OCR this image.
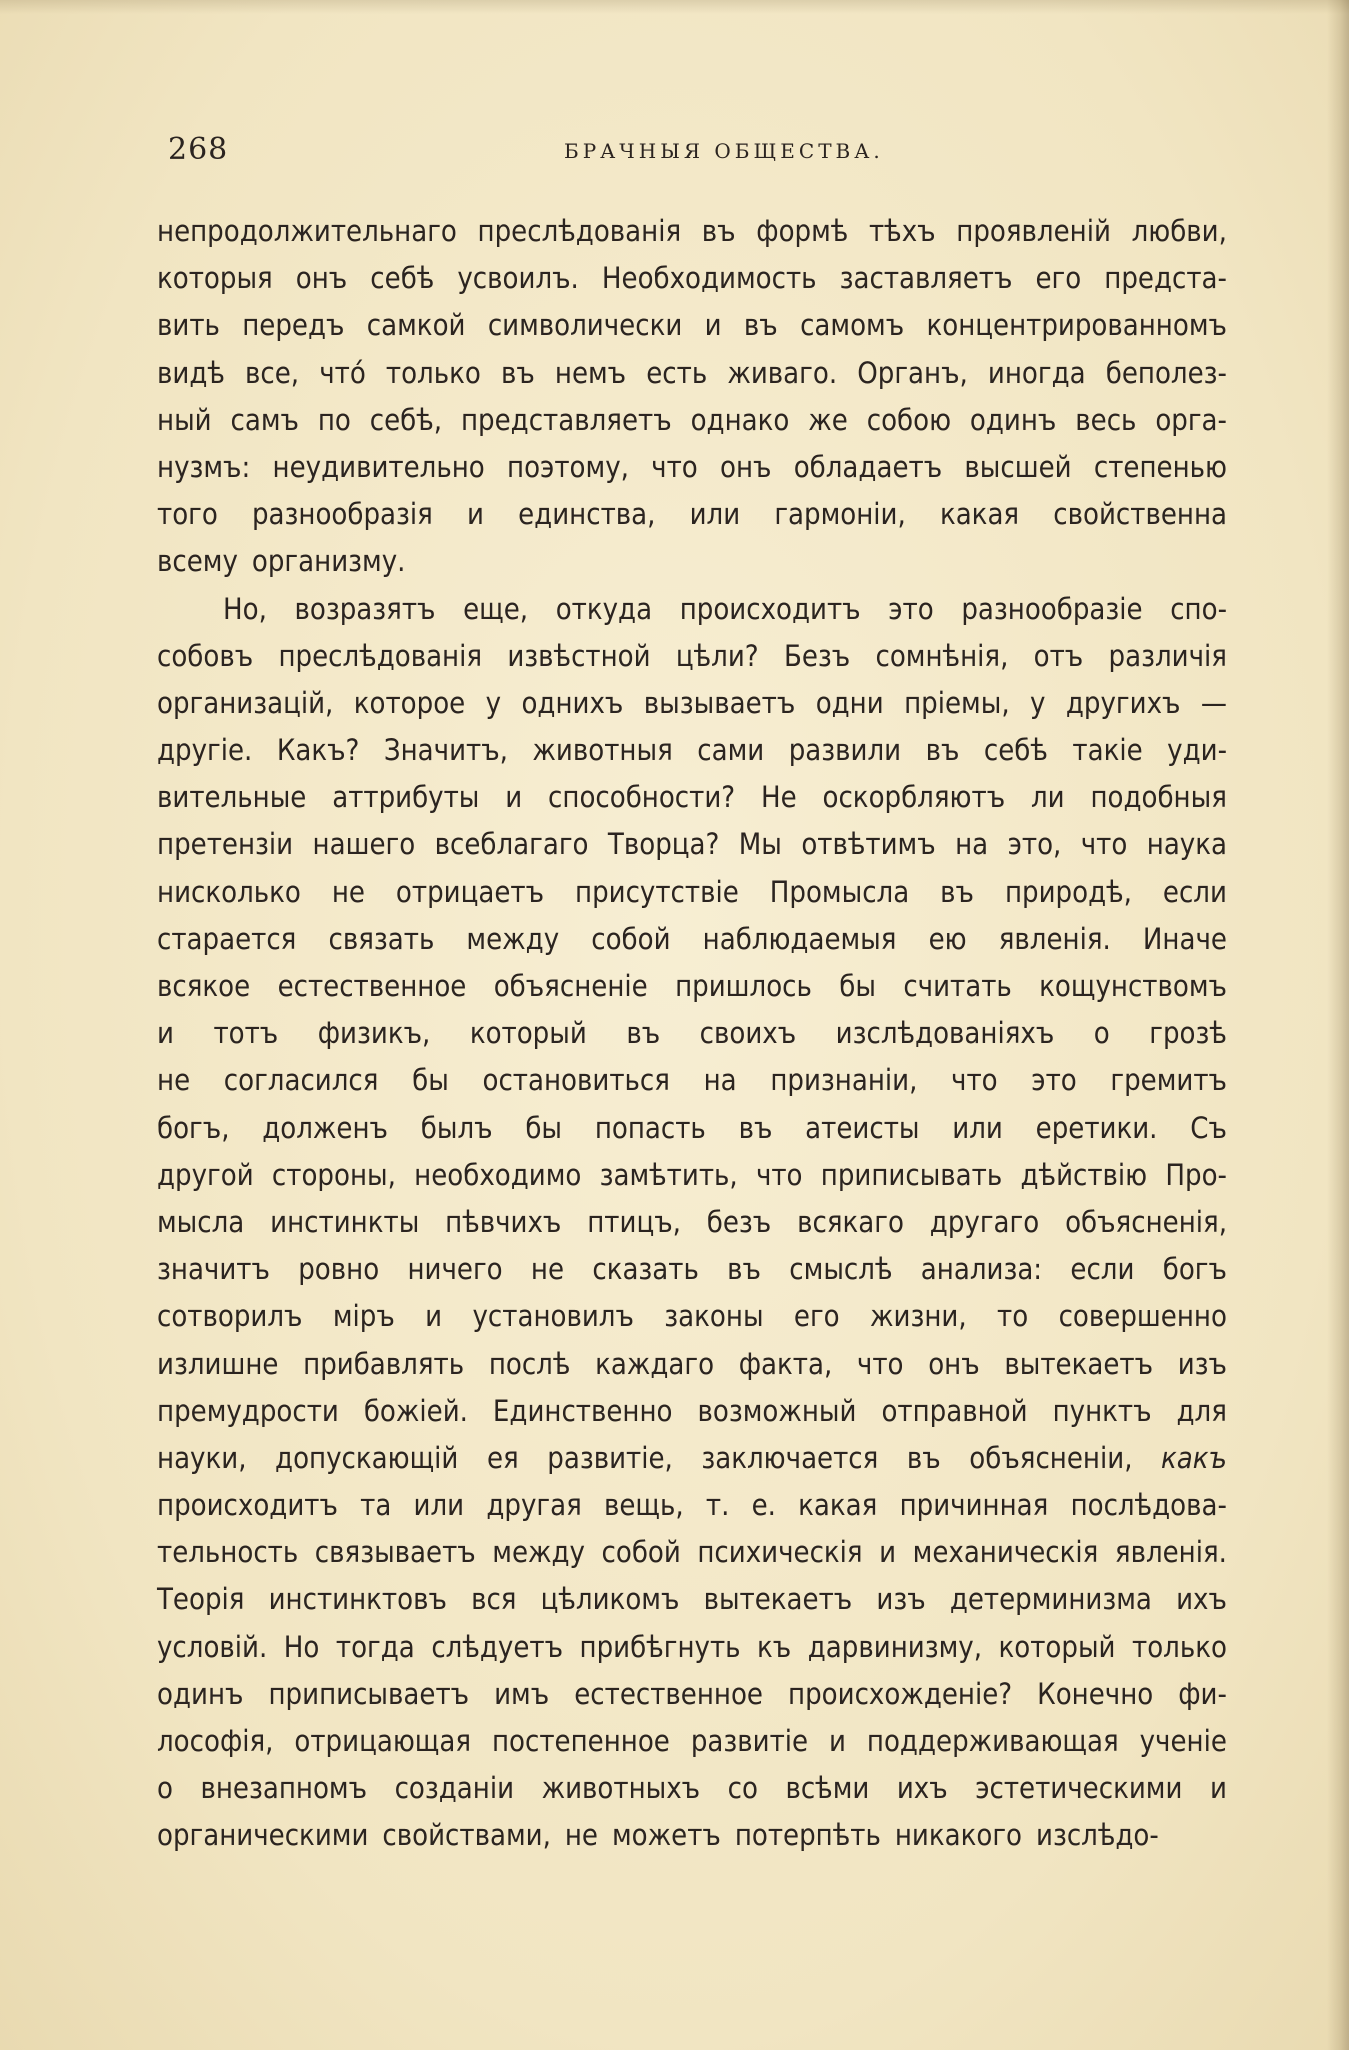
268	БРАЧНЫЯ ОБЩЕСТВА.
непродолжительнаго преслѣдованія въ формѣ тѣхъ проявленій любви,
которыя онъ себѣ усвоилъ. Необходимость заставляетъ его предста-
вить передъ самкой символически и въ самомъ концентрированномъ
видѣ все, что́ только въ немъ есть живаго. Органъ, иногда беполез-
ный самъ по себѣ, представляетъ однако же собою одинъ весь орга-
нузмъ: неудивительно поэтому, что онъ обладаетъ высшей степенью
того разнообразія и единства, или гармоніи, какая свойственна
всему организму.
Но, возразятъ еще, откуда происходитъ это разнообразіе спо-
собовъ преслѣдованія извѣстной цѣли? Безъ сомнѣнія, отъ различія
организацій, которое у однихъ вызываетъ одни пріемы, у другихъ —
другіе. Какъ? Значитъ, животныя сами развили въ себѣ такіе уди-
вительные аттрибуты и способности? Не оскорбляютъ ли подобныя
претензіи нашего всеблагаго Творца? Мы отвѣтимъ на это, что наука
нисколько не отрицаетъ присутствіе Промысла въ природѣ, если
старается связать между собой наблюдаемыя ею явленія. Иначе
всякое естественное объясненіе пришлось бы считать кощунствомъ
и тотъ физикъ, который въ своихъ изслѣдованіяхъ о грозѣ
не согласился бы остановиться на признаніи, что это гремитъ
богъ, долженъ былъ бы попасть въ атеисты или еретики. Съ
другой стороны, необходимо замѣтить, что приписывать дѣйствію Про-
мысла инстинкты пѣвчихъ птицъ, безъ всякаго другаго объясненія,
значитъ ровно ничего не сказать въ смыслѣ анализа: если богъ
сотворилъ міръ и установилъ законы его жизни, то совершенно
излишне прибавлять послѣ каждаго факта, что онъ вытекаетъ изъ
премудрости божіей. Единственно возможный отправной пунктъ для
науки, допускающій ея развитіе, заключается въ объясненіи, какъ
происходитъ та или другая вещь, т. е. какая причинная послѣдова-
тельность связываетъ между собой психическія и механическія явленія.
Теорія инстинктовъ вся цѣликомъ вытекаетъ изъ детерминизма ихъ
условій. Но тогда слѣдуетъ прибѣгнуть къ дарвинизму, который только
одинъ приписываетъ имъ естественное происхожденіе? Конечно фи-
лософія, отрицающая постепенное развитіе и поддерживающая ученіе
о внезапномъ созданіи животныхъ со всѣми ихъ эстетическими и
органическими свойствами, не можетъ потерпѣть никакого изслѣдо-
